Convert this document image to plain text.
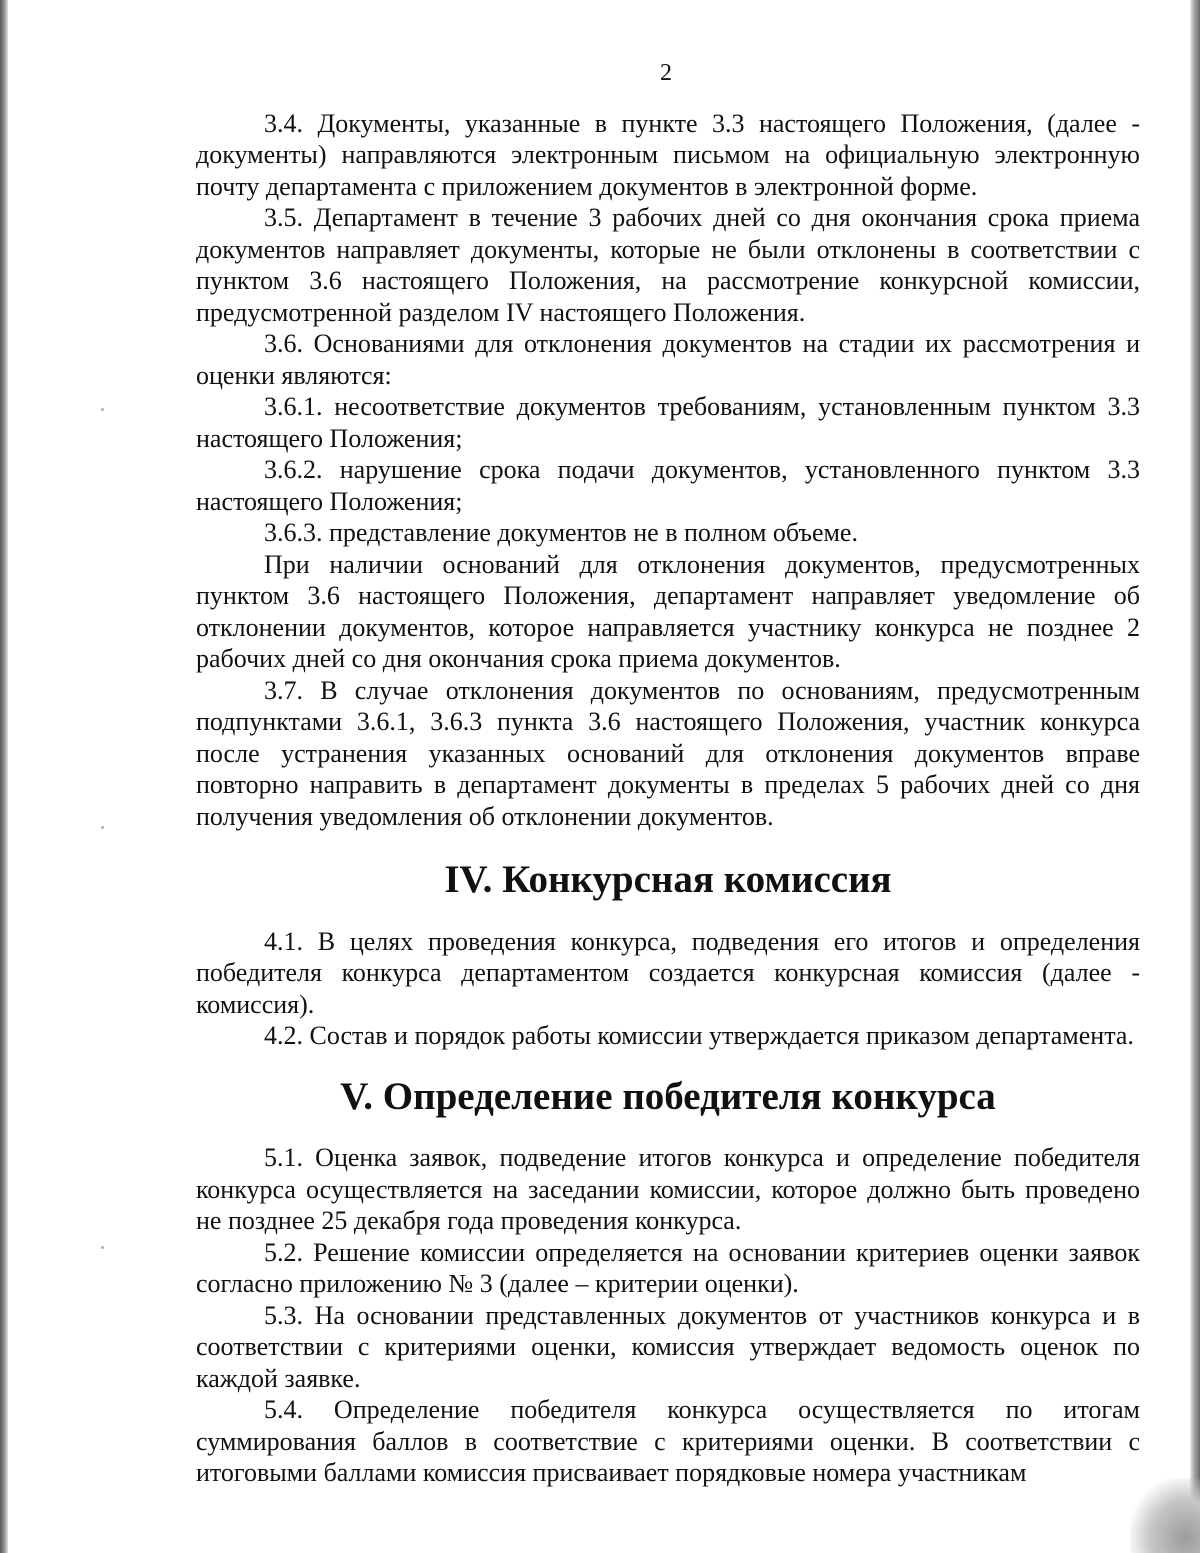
2

3.4. Документы, указанные в пункте 3.3 настоящего Положения, (далее - документы) направляются электронным письмом на официальную электронную почту департамента с приложением документов в электронной форме.

3.5. Департамент в течение 3 рабочих дней со дня окончания срока приема документов направляет документы, которые не были отклонены в соответствии с пунктом 3.6 настоящего Положения, на рассмотрение конкурсной комиссии, предусмотренной разделом IV настоящего Положения.

3.6. Основаниями для отклонения документов на стадии их рассмотрения и оценки являются:

3.6.1. несоответствие документов требованиям, установленным пунктом 3.3 настоящего Положения;

3.6.2. нарушение срока подачи документов, установленного пунктом 3.3 настоящего Положения;

3.6.3. представление документов не в полном объеме.

При наличии оснований для отклонения документов, предусмотренных пунктом 3.6 настоящего Положения, департамент направляет уведомление об отклонении документов, которое направляется участнику конкурса не позднее 2 рабочих дней со дня окончания срока приема документов.

3.7. В случае отклонения документов по основаниям, предусмотренным подпунктами 3.6.1, 3.6.3 пункта 3.6 настоящего Положения, участник конкурса после устранения указанных оснований для отклонения документов вправе повторно направить в департамент документы в пределах 5 рабочих дней со дня получения уведомления об отклонении документов.

IV. Конкурсная комиссия

4.1. В целях проведения конкурса, подведения его итогов и определения победителя конкурса департаментом создается конкурсная комиссия (далее - комиссия).

4.2. Состав и порядок работы комиссии утверждается приказом департамента.

V. Определение победителя конкурса

5.1. Оценка заявок, подведение итогов конкурса и определение победителя конкурса осуществляется на заседании комиссии, которое должно быть проведено не позднее 25 декабря года проведения конкурса.

5.2. Решение комиссии определяется на основании критериев оценки заявок согласно приложению № 3 (далее – критерии оценки).

5.3. На основании представленных документов от участников конкурса и в соответствии с критериями оценки, комиссия утверждает ведомость оценок по каждой заявке.

5.4. Определение победителя конкурса осуществляется по итогам суммирования баллов в соответствие с критериями оценки. В соответствии с итоговыми баллами комиссия присваивает порядковые номера участникам
